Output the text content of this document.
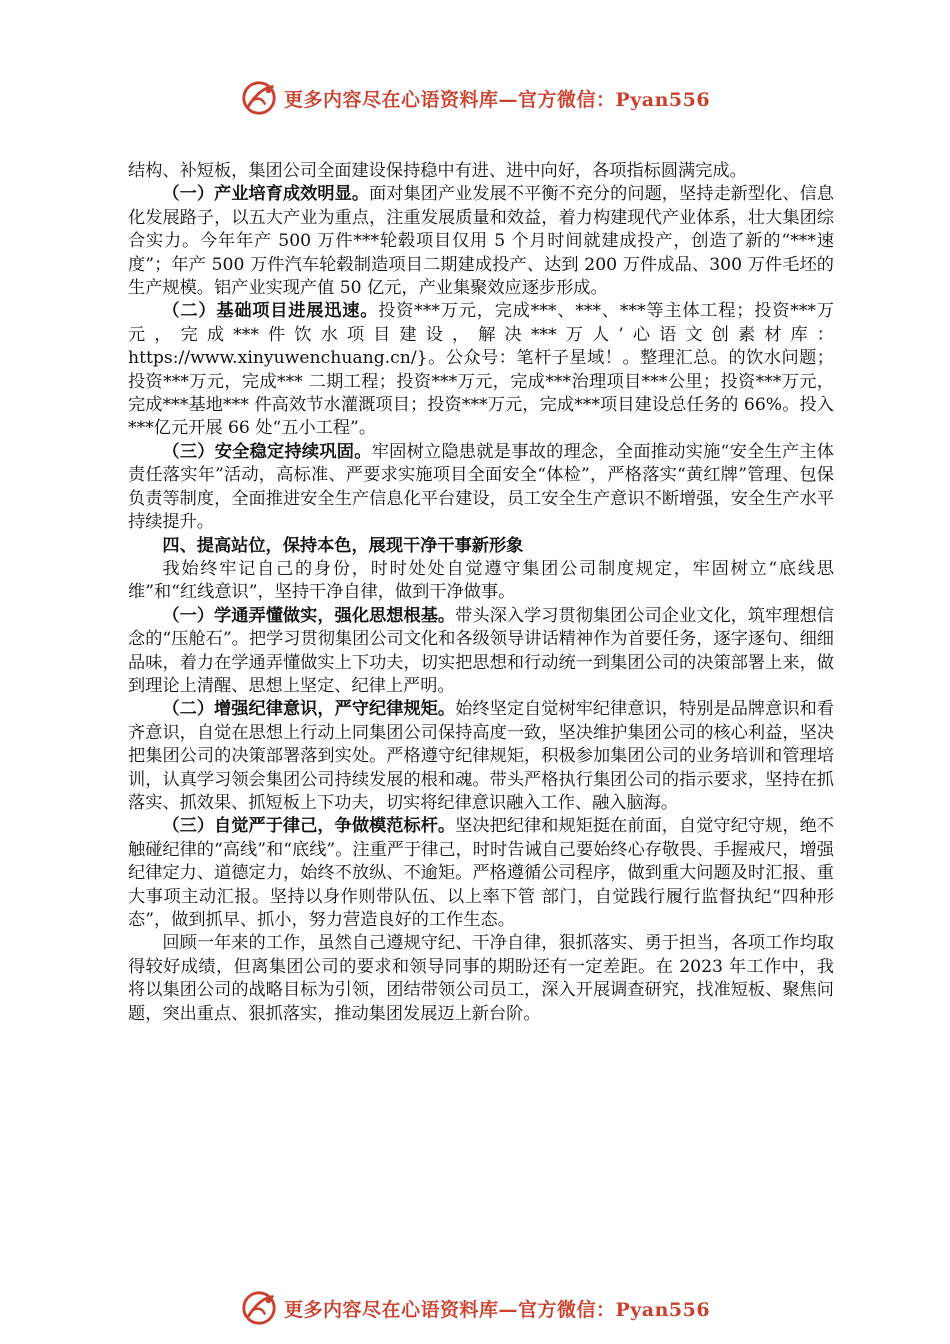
更多内容尽在心语资料库—官方微信：Pyan556

结构、补短板，集团公司全面建设保持稳中有进、进中向好，各项指标圆满完成。

（一）产业培育成效明显。面对集团产业发展不平衡不充分的问题，坚持走新型化、信息化发展路子，以五大产业为重点，注重发展质量和效益，着力构建现代产业体系，壮大集团综合实力。今年年产 500 万件***轮毂项目仅用 5 个月时间就建成投产，创造了新的“***速度”；年产 500 万件汽车轮毂制造项目二期建成投产、达到 200 万件成品、300 万件毛坯的生产规模。铝产业实现产值 50 亿元，产业集聚效应逐步形成。

（二）基础项目进展迅速。投资***万元，完成***、***、***等主体工程；投资***万元，完成***件饮水项目建设，解决***万人’心语文创素材库：https://www.xinyuwenchuang.cn/}。公众号：笔杆子星域！。整理汇总。的饮水问题；投资***万元，完成*** 二期工程；投资***万元，完成***治理项目***公里；投资***万元，完成***基地*** 件高效节水灌溉项目；投资***万元，完成***项目建设总任务的 66%。投入***亿元开展 66 处“五小工程”。

（三）安全稳定持续巩固。牢固树立隐患就是事故的理念，全面推动实施“安全生产主体责任落实年”活动，高标准、严要求实施项目全面安全“体检”，严格落实“黄红牌”管理、包保负责等制度，全面推进安全生产信息化平台建设，员工安全生产意识不断增强，安全生产水平持续提升。

四、提高站位，保持本色，展现干净干事新形象

我始终牢记自己的身份，时时处处自觉遵守集团公司制度规定，牢固树立“底线思维”和“红线意识”，坚持干净自律，做到干净做事。

（一）学通弄懂做实，强化思想根基。带头深入学习贯彻集团公司企业文化，筑牢理想信念的“压舱石”。把学习贯彻集团公司文化和各级领导讲话精神作为首要任务，逐字逐句、细细品味，着力在学通弄懂做实上下功夫，切实把思想和行动统一到集团公司的决策部署上来，做到理论上清醒、思想上坚定、纪律上严明。

（二）增强纪律意识，严守纪律规矩。始终坚定自觉树牢纪律意识，特别是品牌意识和看齐意识，自觉在思想上行动上同集团公司保持高度一致，坚决维护集团公司的核心利益，坚决把集团公司的决策部署落到实处。严格遵守纪律规矩，积极参加集团公司的业务培训和管理培训，认真学习领会集团公司持续发展的根和魂。带头严格执行集团公司的指示要求，坚持在抓落实、抓效果、抓短板上下功夫，切实将纪律意识融入工作、融入脑海。

（三）自觉严于律己，争做模范标杆。坚决把纪律和规矩挺在前面，自觉守纪守规，绝不触碰纪律的“高线”和“底线”。注重严于律己，时时告诫自己要始终心存敬畏、手握戒尺，增强纪律定力、道德定力，始终不放纵、不逾矩。严格遵循公司程序，做到重大问题及时汇报、重大事项主动汇报。坚持以身作则带队伍、以上率下管 部门，自觉践行履行监督执纪“四种形态”，做到抓早、抓小，努力营造良好的工作生态。

回顾一年来的工作，虽然自己遵规守纪、干净自律，狠抓落实、勇于担当，各项工作均取得较好成绩，但离集团公司的要求和领导同事的期盼还有一定差距。在 2023 年工作中，我将以集团公司的战略目标为引领，团结带领公司员工，深入开展调查研究，找准短板、聚焦问题，突出重点、狠抓落实，推动集团发展迈上新台阶。

更多内容尽在心语资料库—官方微信：Pyan556
